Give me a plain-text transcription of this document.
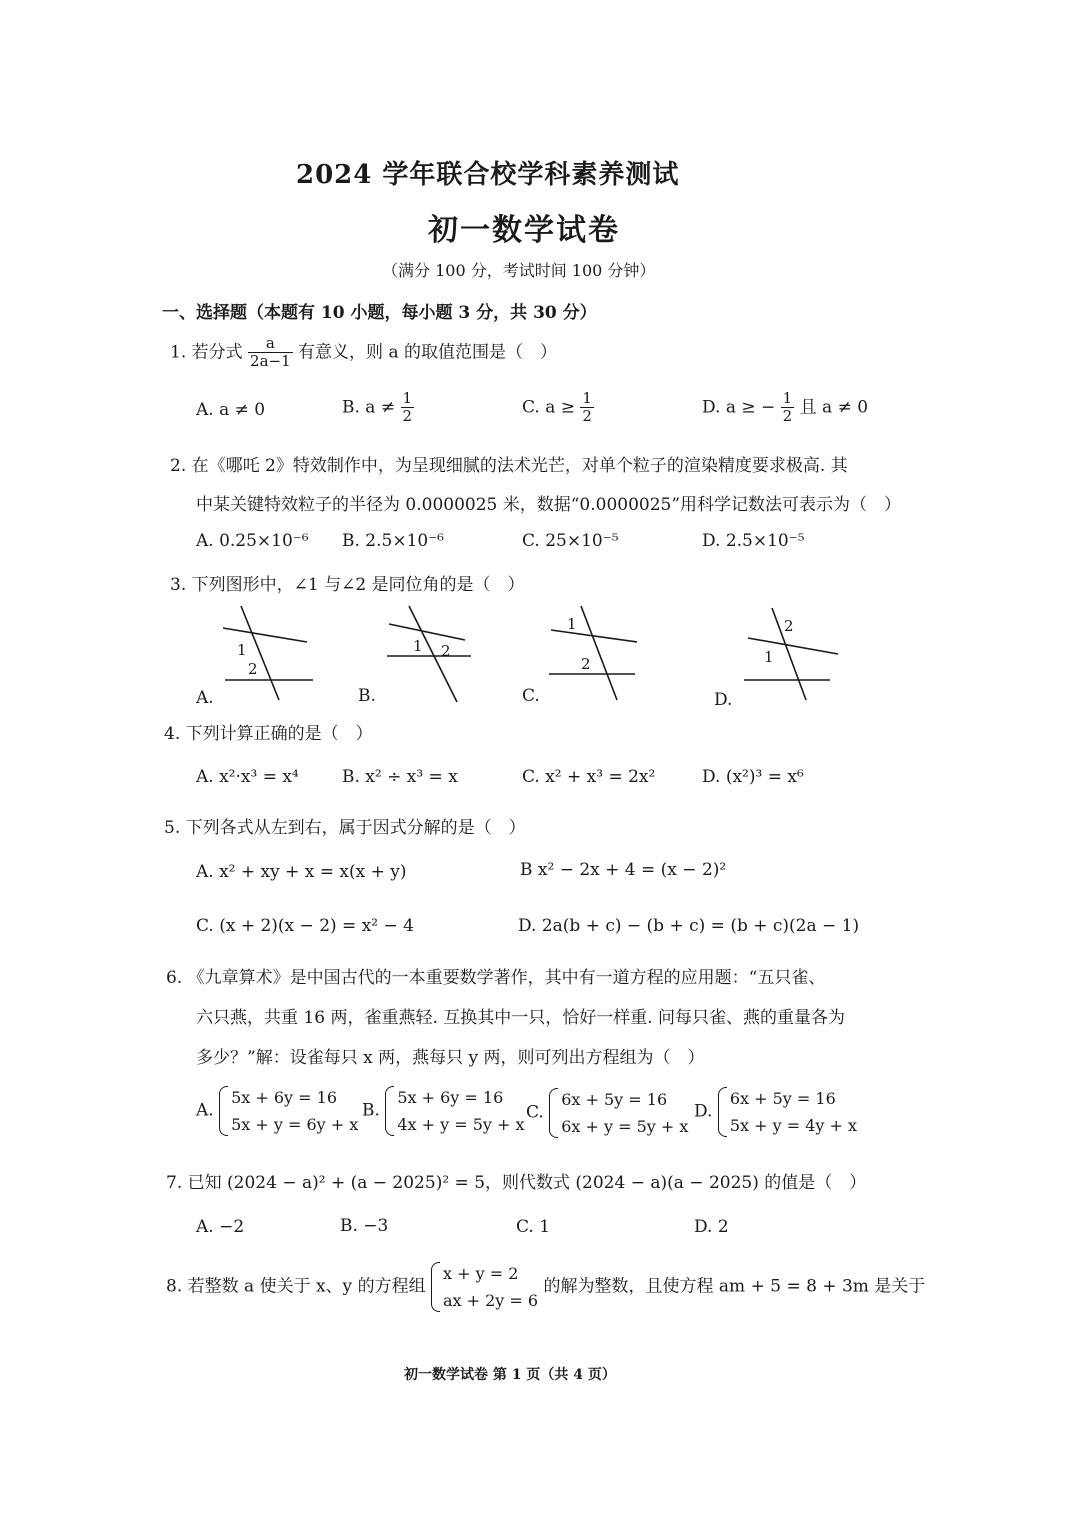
2024 学年联合校学科素养测试
初一数学试卷
（满分 100 分，考试时间 100 分钟）
一、选择题（本题有 10 小题，每小题 3 分，共 30 分）
1. 若分式 $\frac{a}{2a-1}$ 有意义，则 a 的取值范围是（　）
A. a ≠ 0	B. $a \ne \frac{1}{2}$	C. $a \ge \frac{1}{2}$	D. a ≥ − $\frac{1}{2}$ 且 a ≠ 0
2. 在《哪吒 2》特效制作中，为呈现细腻的法术光芒，对单个粒子的渲染精度要求极高. 其
中某关键特效粒子的半径为 0.0000025 米，数据“0.0000025”用科学记数法可表示为（　）
A. 0.25×10⁻⁶ B. 2.5×10⁻⁶	C. 25×10⁻⁵	D. 2.5×10⁻⁵
3. 下列图形中，∠1 与∠2 是同位角的是（　）
1
2
A.
1 2
B.
1
2
C.
1
2
D.
4. 下列计算正确的是（　）
A. x²·x³ = x⁴	B. x² ÷ x³ = x	C. x² + x³ = 2x²	D. (x²)³ = x⁶
5. 下列各式从左到右，属于因式分解的是（　）
A. x² + xy + x = x(x + y)	B x² − 2x + 4 = (x − 2)²
C. (x + 2)(x − 2) = x² − 4	D. 2a(b + c) − (b + c) = (b + c)(2a − 1)
6. 《九章算术》是中国古代的一本重要数学著作，其中有一道方程的应用题：“五只雀、
六只燕，共重 16 两，雀重燕轻. 互换其中一只，恰好一样重. 问每只雀、燕的重量各为
多少？”解：设雀每只 x 两，燕每只 y 两，则可列出方程组为（　）
A.
5x + 6y = 16
5x + y = 6y + x
B.
5x + 6y = 16
4x + y = 5y + x
C.
6x + 5y = 16
6x + y = 5y + x
D.
6x + 5y = 16
5x + y = 4y + x
7. 已知 (2024 − a)² + (a − 2025)² = 5，则代数式 (2024 − a)(a − 2025) 的值是（　）
A. −2	B. −3	C. 1	D. 2
8. 若整数 a 使关于 x、y 的方程组
x + y = 2
ax + 2y = 6
的解为整数，且使方程 am + 5 = 8 + 3m 是关于
初一数学试卷 第 1 页（共 4 页）
